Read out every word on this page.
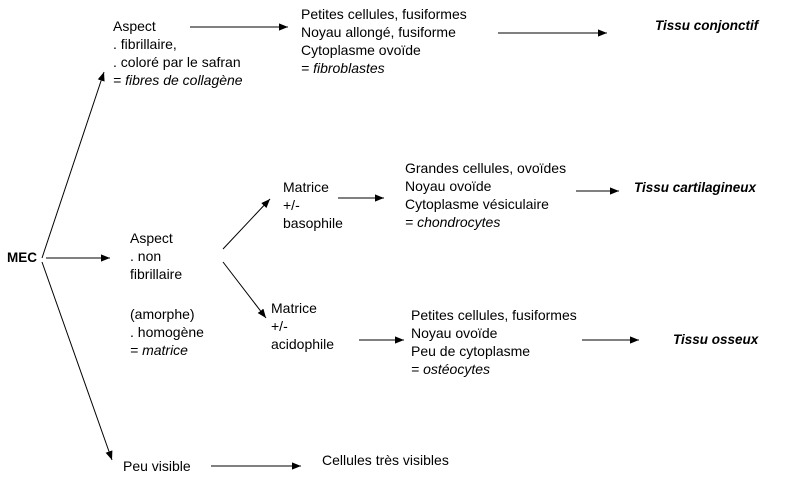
MEC
Aspect
. fibrillaire,
. coloré par le safran
= fibres de collagène
Petites cellules, fusiformes
Noyau allongé, fusiforme
Cytoplasme ovoïde
= fibroblastes
Tissu conjonctif
Aspect
. non
fibrillaire
(amorphe)
. homogène
= matrice
Matrice
+/-
basophile
Grandes cellules, ovoïdes
Noyau ovoïde
Cytoplasme vésiculaire
= chondrocytes
Tissu cartilagineux
Matrice
+/-
acidophile
Petites cellules, fusiformes
Noyau ovoïde
Peu de cytoplasme
= ostéocytes
Tissu osseux
Peu visible	Cellules très visibles
